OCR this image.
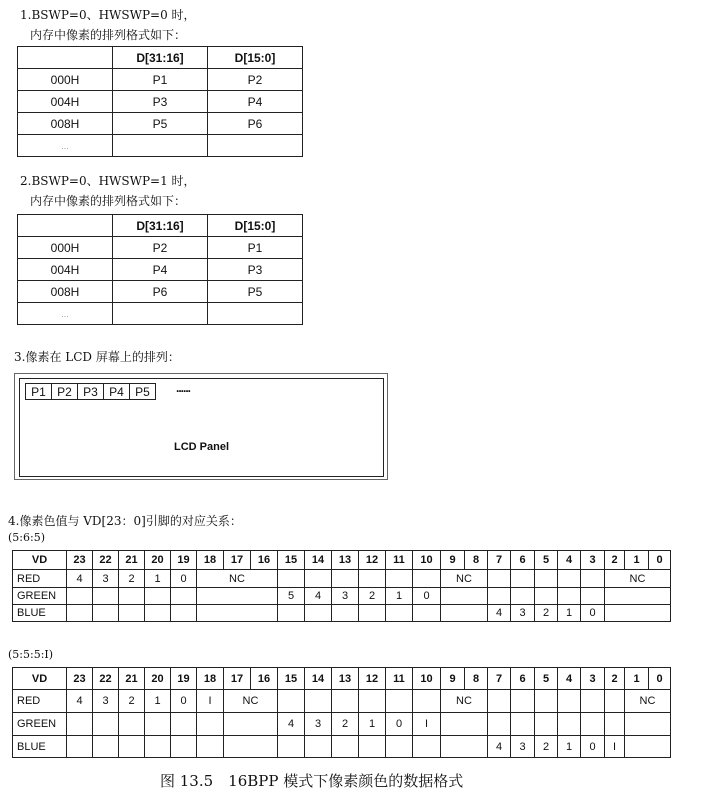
1.BSWP=0、HWSWP=0 时，
内存中像素的排列格式如下：
	D[31:16]	D[15:0]
000H	P1	P2
004H	P3	P4
008H	P5	P6
...		
2.BSWP=0、HWSWP=1 时，
内存中像素的排列格式如下：
	D[31:16]	D[15:0]
000H	P2	P1
004H	P4	P3
008H	P6	P5
...		
3.像素在 LCD 屏幕上的排列：
P1 P2 P3 P4 P5	......
LCD Panel
4.像素色值与 VD[23：0]引脚的对应关系：
(5:6:5)
VD	23	22	21	20	19	18	17	16	15	14	13	12	11	10	9	8	7	6	5	4	3	2	1	0
RED	4	3	2	1	0	NC									NC							NC		
GREEN									5	4	3	2	1	0										
BLUE																	4	3	2	1	0			
(5:5:5:I)
VD	23	22	21	20	19	18	17	16	15	14	13	12	11	10	9	8	7	6	5	4	3	2	1	0
RED	4	3	2	1	0	I	NC								NC								NC	
GREEN									4	3	2	1	0	I										
BLUE																	4	3	2	1	0	I		
图 13.5　16BPP 模式下像素颜色的数据格式
